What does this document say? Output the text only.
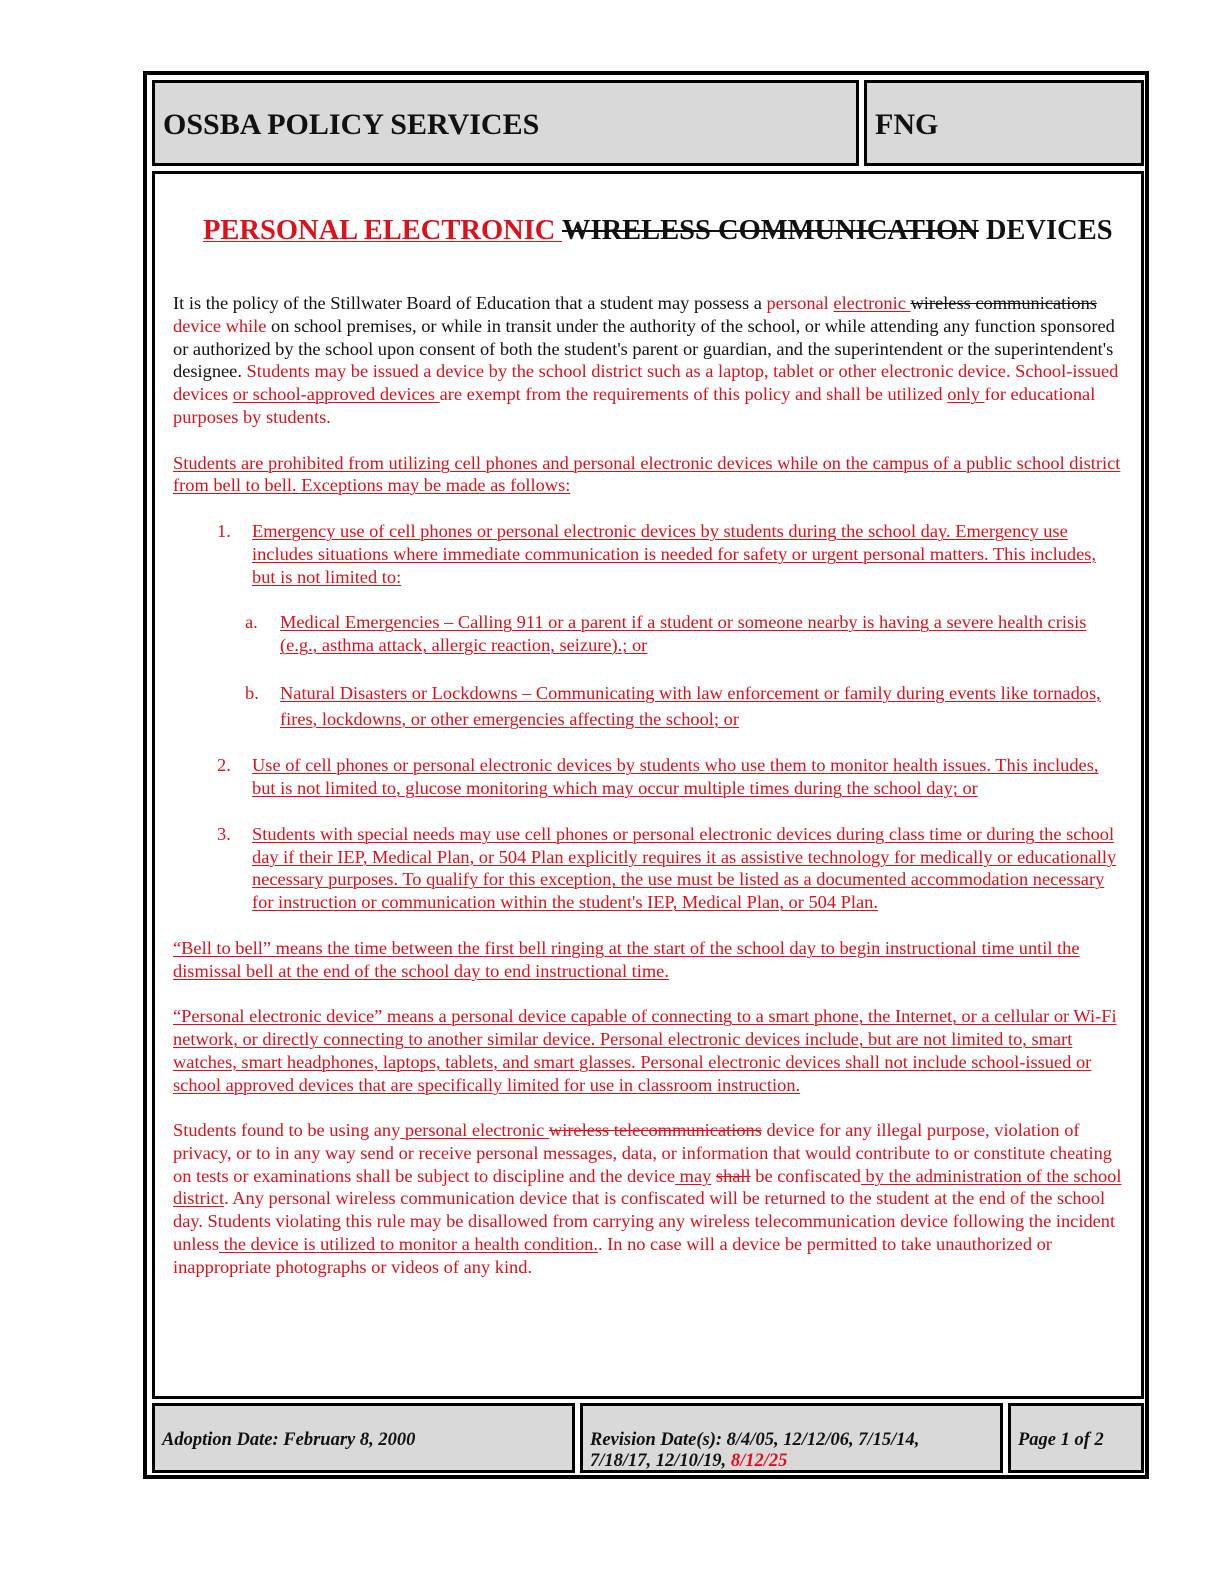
OSSBA POLICY SERVICES	FNG
PERSONAL ELECTRONIC WIRELESS COMMUNICATION DEVICES

It is the policy of the Stillwater Board of Education that a student may possess a personal electronic wireless communications device while on school premises, or while in transit under the authority of the school, or while attending any function sponsored or authorized by the school upon consent of both the student's parent or guardian, and the superintendent or the superintendent's designee. Students may be issued a device by the school district such as a laptop, tablet or other electronic device. School-issued devices or school-approved devices are exempt from the requirements of this policy and shall be utilized only for educational purposes by students.

Students are prohibited from utilizing cell phones and personal electronic devices while on the campus of a public school district from bell to bell. Exceptions may be made as follows:

1. Emergency use of cell phones or personal electronic devices by students during the school day. Emergency use includes situations where immediate communication is needed for safety or urgent personal matters. This includes, but is not limited to:
a. Medical Emergencies – Calling 911 or a parent if a student or someone nearby is having a severe health crisis (e.g., asthma attack, allergic reaction, seizure).; or
b. Natural Disasters or Lockdowns – Communicating with law enforcement or family during events like tornados, fires, lockdowns, or other emergencies affecting the school; or
2. Use of cell phones or personal electronic devices by students who use them to monitor health issues. This includes, but is not limited to, glucose monitoring which may occur multiple times during the school day; or
3. Students with special needs may use cell phones or personal electronic devices during class time or during the school day if their IEP, Medical Plan, or 504 Plan explicitly requires it as assistive technology for medically or educationally necessary purposes. To qualify for this exception, the use must be listed as a documented accommodation necessary for instruction or communication within the student's IEP, Medical Plan, or 504 Plan.

“Bell to bell” means the time between the first bell ringing at the start of the school day to begin instructional time until the dismissal bell at the end of the school day to end instructional time.

“Personal electronic device” means a personal device capable of connecting to a smart phone, the Internet, or a cellular or Wi-Fi network, or directly connecting to another similar device. Personal electronic devices include, but are not limited to, smart watches, smart headphones, laptops, tablets, and smart glasses. Personal electronic devices shall not include school-issued or school approved devices that are specifically limited for use in classroom instruction.

Students found to be using any personal electronic wireless telecommunications device for any illegal purpose, violation of privacy, or to in any way send or receive personal messages, data, or information that would contribute to or constitute cheating on tests or examinations shall be subject to discipline and the device may shall be confiscated by the administration of the school district. Any personal wireless communication device that is confiscated will be returned to the student at the end of the school day. Students violating this rule may be disallowed from carrying any wireless telecommunication device following the incident unless the device is utilized to monitor a health condition.. In no case will a device be permitted to take unauthorized or inappropriate photographs or videos of any kind.

Adoption Date: February 8, 2000	Revision Date(s): 8/4/05, 12/12/06, 7/15/14, 7/18/17, 12/10/19, 8/12/25
Page 1 of 2
